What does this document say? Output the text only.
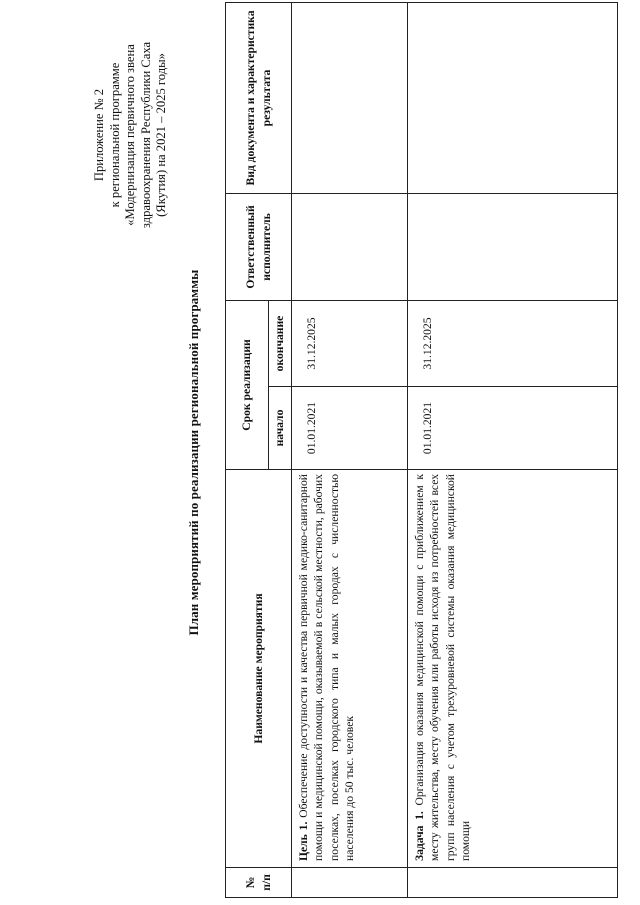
Приложение № 2 к региональной программе «Модернизация первичного звена здравоохранения Республики Саха (Якутия) на 2021 – 2025 годы»
План мероприятий по реализации региональной программы
№ п/п	Наименование мероприятия	Срок реализации		Ответственный исполнитель	Вид документа и характеристика результата
		начало	окончание		
	Цель 1. Обеспечение доступности и качества первичной медико-санитарной помощи и медицинской помощи, оказываемой в сельской местности, рабочих поселках, поселках городского типа и малых городах с численностью населения до 50 тыс. человек	01.01.2021	31.12.2025		
	Задача 1. Организация оказания медицинской помощи с приближением к месту жительства, месту обучения или работы исходя из потребностей всех групп населения с учетом трехуровневой системы оказания медицинской помощи	01.01.2021	31.12.2025		
